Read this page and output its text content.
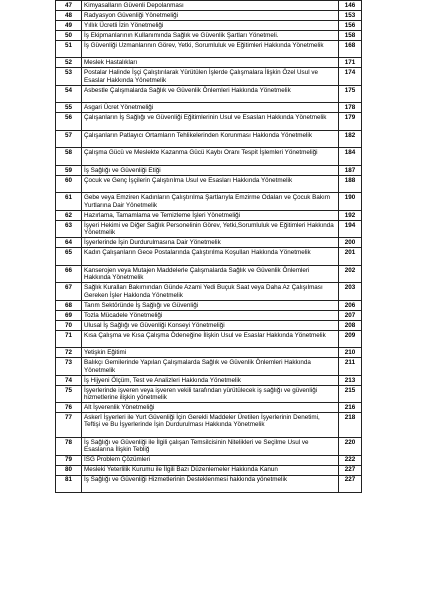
47	Kimyasalların Güvenli Depolanması	146
48	Radyasyon Güvenliği Yönetmeliği	153
49	Yıllık Ücretli İzin Yönetmeliği	156
50	İş Ekipmanlarının Kullanımında Sağlık ve Güvenlik Şartları Yönetmeli.	158
51	İş Güvenliği Uzmanlarının Görev, Yetki, Sorumluluk ve Eğitimleri Hakkında Yönetmelik	168
52	Meslek Hastalıkları	171
53	Postalar Halinde İşçi Çalıştırılarak Yürütülen İşlerde Çalışmalara İlişkin Özel Usul ve Esaslar Hakkında Yönetmelik	174
54	Asbestle Çalışmalarda Sağlık ve Güvenlik Önlemleri Hakkında Yönetmelik	175
55	Asgari Ücret Yönetmeliği	178
56	Çalışanların İş Sağlığı ve Güvenliği Eğitimlerinin Usul ve Esasları Hakkında Yönetmelik	179
57	Çalışanların Patlayıcı Ortamların Tehlikelerinden Korunması Hakkında Yönetmelik	182
58	Çalışma Gücü ve Meslekte Kazanma Gücü Kaybı Oranı Tespit İşlemleri Yönetmeliği	184
59	İş Sağlığı ve Güvenliği Etiği	187
60	Çocuk ve Genç İşçilerin Çalıştırılma Usul ve Esasları Hakkında Yönetmelik	188
61	Gebe veya Emziren Kadınların Çalıştırılma Şartlarıyla Emzirme Odaları ve Çocuk Bakım Yurtlarına Dair Yönetmelik	190
62	Hazırlama, Tamamlama ve Temizleme İşleri Yönetmeliği	192
63	İşyeri Hekimi ve Diğer Sağlık Personelinin Görev, Yetki,Sorumluluk ve Eğitimleri Hakkında Yönetmelik	194
64	İşyerlerinde İşin Durdurulmasına Dair Yönetmelik	200
65	Kadın Çalışanların Gece Postalarında Çalıştırılma Koşulları Hakkında Yönetmelik	201
66	Kanserojen veya Mutajen Maddelerle Çalışmalarda Sağlık ve Güvenlik Önlemleri Hakkında Yönetmelik	202
67	Sağlık Kuralları Bakımından Günde Azami Yedi Buçuk Saat veya Daha Az Çalışılması Gereken İşler Hakkında Yönetmelik	203
68	Tarım Sektöründe İş Sağlığı ve Güvenliği	206
69	Tozla Mücadele Yönetmeliği	207
70	Ulusal İş Sağlığı ve Güvenliği Konseyi Yönetmeliği	208
71	Kısa Çalışma ve Kısa Çalışma Ödeneğine İlişkin Usul ve Esaslar Hakkında Yönetmelik	209
72	Yetişkin Eğitimi	210
73	Balıkçı Gemilerinde Yapılan Çalışmalarda Sağlık ve Güvenlik Önlemleri Hakkında Yönetmelik	211
74	İş Hijyeni Ölçüm, Test ve Analizleri Hakkında Yönetmelik	213
75	İşyerlerinde işveren veya işveren vekili tarafından yürütülecek iş sağlığı ve güvenliği hizmetlerine ilişkin yönetmelik	215
76	Alt İşverenlik Yönetmeliği	216
77	Askerî İşyerleri ile Yurt Güvenliği İçin Gerekli Maddeler Üretilen İşyerlerinin Denetimi, Teftişi ve Bu İşyerlerinde İşin Durdurulması Hakkında Yönetmelik	218
78	İş Sağlığı ve Güvenliği ile İlgili çalışan Temsilcisinin Nitelikleri ve Seçilme Usul ve Esaslarına İlişkin Tebliğ	220
79	İSG Problem Çözümleri	222
80	Mesleki Yeterlilik Kurumu ile İlgili Bazı Düzenlemeler Hakkında Kanun	227
81	İş Sağlığı ve Güvenliği Hizmetlerinin Desteklenmesi hakkında yönetmelik	227
